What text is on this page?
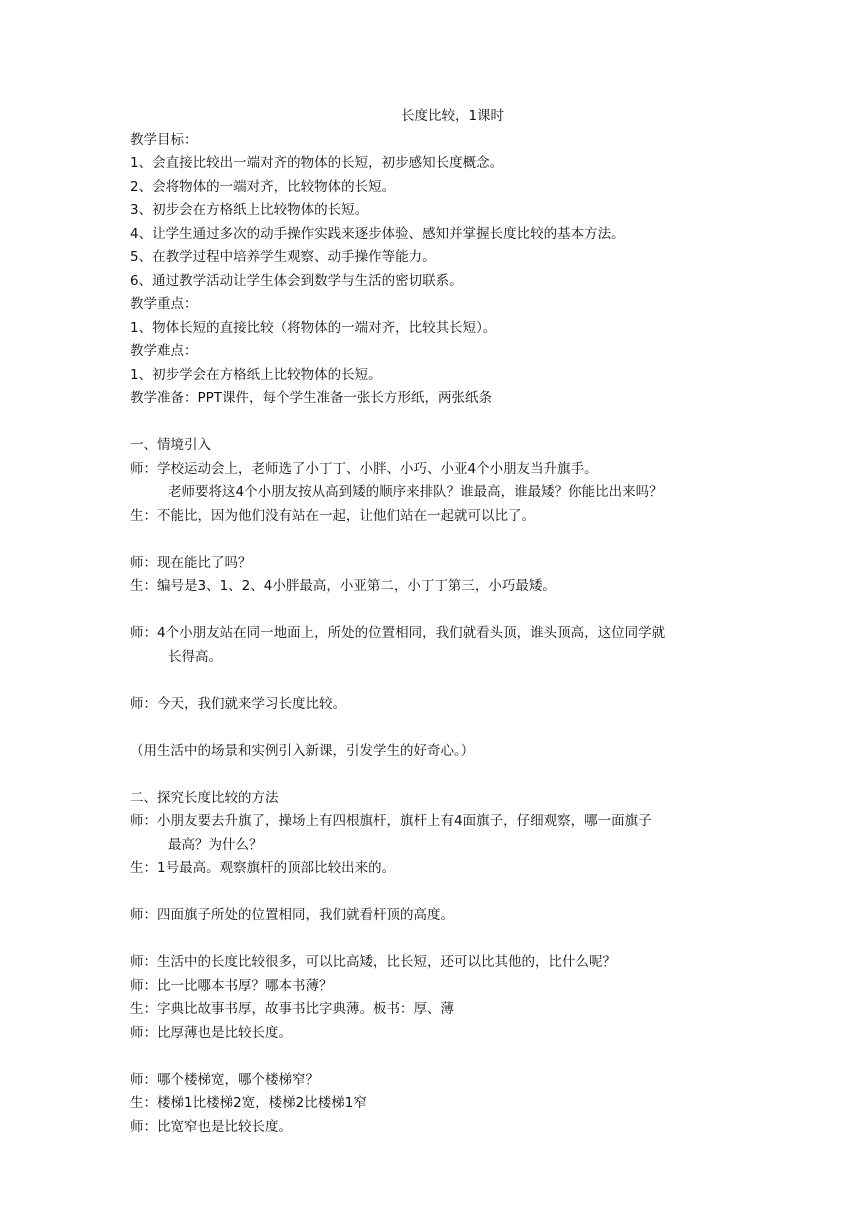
长度比较，1课时
教学目标：
1、会直接比较出一端对齐的物体的长短，初步感知长度概念。
2、会将物体的一端对齐，比较物体的长短。
3、初步会在方格纸上比较物体的长短。
4、让学生通过多次的动手操作实践来逐步体验、感知并掌握长度比较的基本方法。
5、在教学过程中培养学生观察、动手操作等能力。
6、通过教学活动让学生体会到数学与生活的密切联系。
教学重点：
1、物体长短的直接比较（将物体的一端对齐，比较其长短）。
教学难点：
1、初步学会在方格纸上比较物体的长短。
教学准备：PPT课件，每个学生准备一张长方形纸，两张纸条
一、情境引入
师：学校运动会上，老师选了小丁丁、小胖、小巧、小亚4个小朋友当升旗手。
老师要将这4个小朋友按从高到矮的顺序来排队？谁最高，谁最矮？你能比出来吗？
生：不能比，因为他们没有站在一起，让他们站在一起就可以比了。
师：现在能比了吗？
生：编号是3、1、2、4小胖最高，小亚第二，小丁丁第三，小巧最矮。
师：4个小朋友站在同一地面上，所处的位置相同，我们就看头顶，谁头顶高，这位同学就
长得高。
师：今天，我们就来学习长度比较。
（用生活中的场景和实例引入新课，引发学生的好奇心。）
二、探究长度比较的方法
师：小朋友要去升旗了，操场上有四根旗杆，旗杆上有4面旗子，仔细观察，哪一面旗子
最高？为什么？
生：1号最高。观察旗杆的顶部比较出来的。
师：四面旗子所处的位置相同，我们就看杆顶的高度。
师：生活中的长度比较很多，可以比高矮，比长短，还可以比其他的，比什么呢？
师：比一比哪本书厚？哪本书薄？
生：字典比故事书厚，故事书比字典薄。板书：厚、薄
师：比厚薄也是比较长度。
师：哪个楼梯宽，哪个楼梯窄？
生：楼梯1比楼梯2宽，楼梯2比楼梯1窄
师：比宽窄也是比较长度。
